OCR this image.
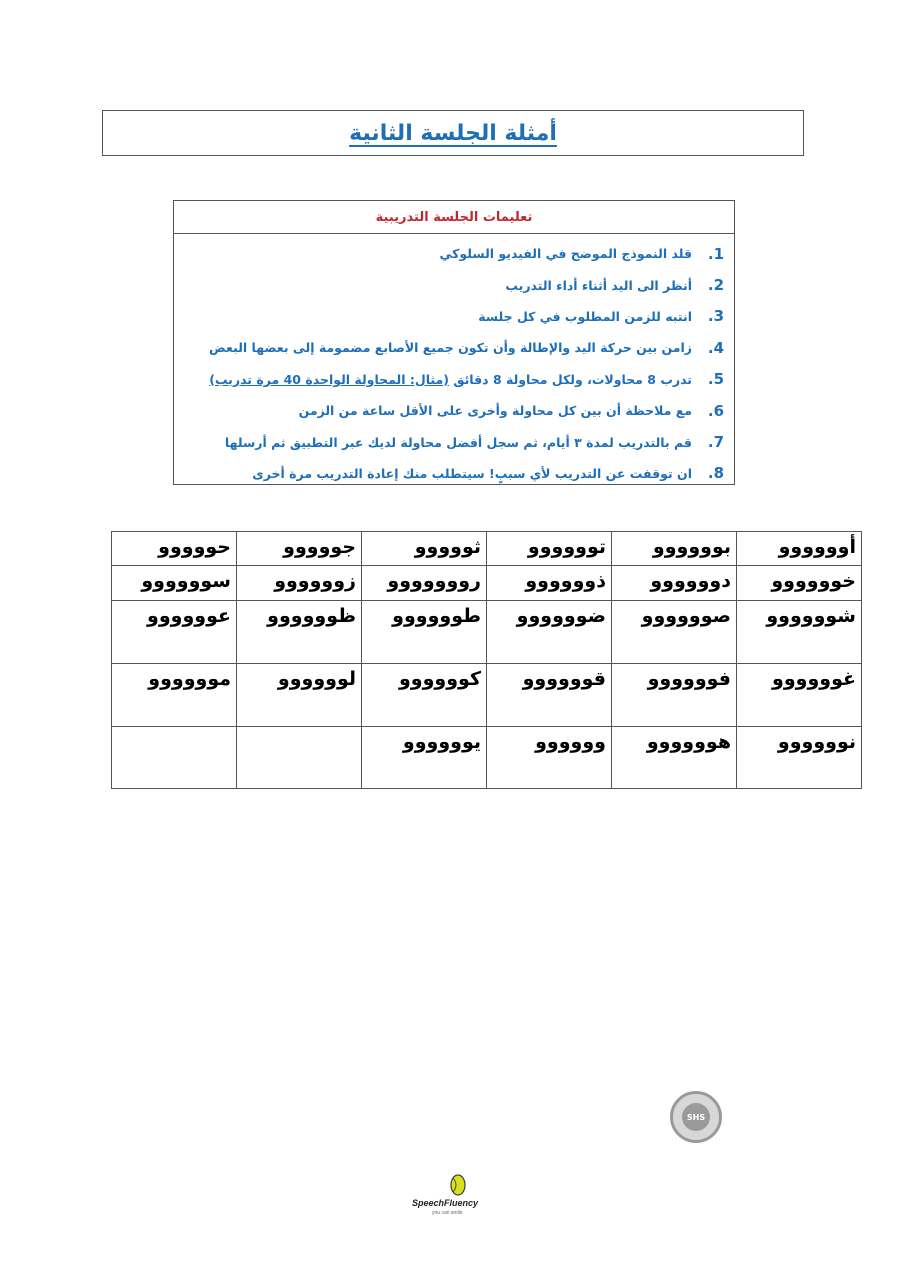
أمثلة الجلسة الثانية
تعليمات الجلسة التدريبية
1.
قلد النموذج الموضح في الفيديو السلوكي
2.
أنظر الى اليد أثناء أداء التدريب
3.
انتبه للزمن المطلوب في كل جلسة
4.
زامن بين حركة اليد والإطالة وأن تكون جميع الأصابع مضمومة إلى بعضها البعض
5.
تدرب 8 محاولات، ولكل محاولة 8 دقائق (مثال: المحاولة الواحدة 40 مرة تدريب)
6.
مع ملاحظة أن بين كل محاولة وأخرى على الأقل ساعة من الزمن
7.
قم بالتدريب لمدة ٣ أيام، ثم سجل أفضل محاولة لديك عبر التطبيق ثم أرسلها
8.
ان توقفت عن التدريب لأي سببٍ! سيتطلب منك إعادة التدريب مرة أخرى
أوووووو	بوووووو	توووووو	ثووووو	جووووو	حووووو
خوووووو	دوووووو	ذوووووو	رووووووو	زوووووو	سوووووو
شوووووو	صوووووو	ضوووووو	طوووووو	ظوووووو	عوووووو
غوووووو	فوووووو	قوووووو	كوووووو	لوووووو	موووووو
نوووووو	هوووووو	وووووو	يوووووو		
SHS
SpeechFluency
you can smile
